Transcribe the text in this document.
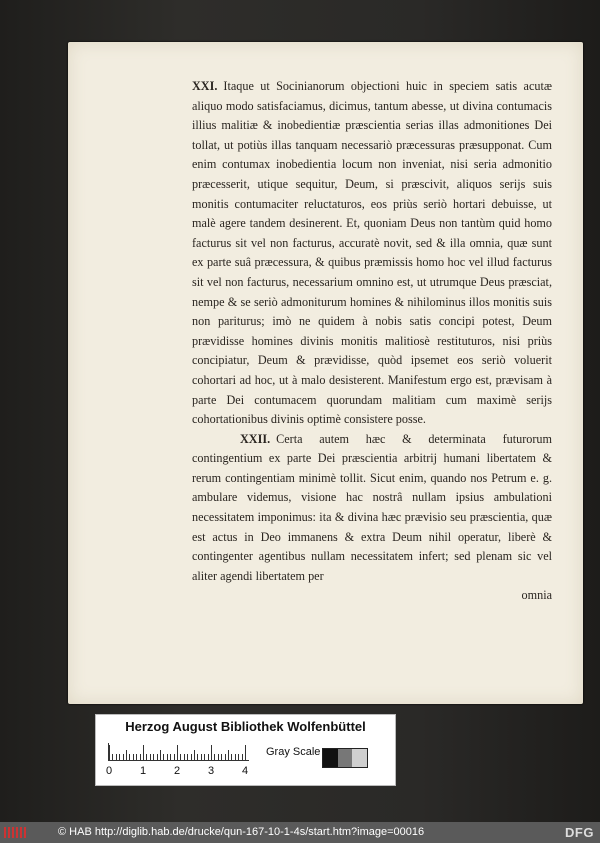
XXI. Itaque ut Socinianorum objectioni huic in speciem satis acutæ aliquo modo satisfaciamus, dicimus, tantum abesse, ut divina contumacis illius malitiæ & inobedientiæ præscientia serias illas admonitiones Dei tollat, ut potiùs illas tanquam necessariò præcessuras præsupponat. Cum enim contumax inobedientia locum non inveniat, nisi seria admonitio præcesserit, utique sequitur, Deum, si præscivit, aliquos serijs suis monitis contumaciter reluctaturos, eos priùs seriò hortari debuisse, ut malè agere tandem desinerent. Et, quoniam Deus non tantùm quid homo facturus sit vel non facturus, accuratè novit, sed & illa omnia, quæ sunt ex parte suâ præcessura, & quibus præmissis homo hoc vel illud facturus sit vel non facturus, necessarium omnino est, ut utrumque Deus præsciat, nempe & se seriò admoniturum homines & nihilominus illos monitis suis non pariturus; imò ne quidem à nobis satis concipi potest, Deum prævidisse homines divinis monitis malitiosè restituturos, nisi priùs concipiatur, Deum & prævidisse, quòd ipsemet eos seriò voluerit cohortari ad hoc, ut à malo desisterent. Manifestum ergo est, prævisam à parte Dei contumacem quorundam malitiam cum maximè serijs cohortationibus divinis optimè consistere posse.

XXII. Certa autem hæc & determinata futurorum contingentium ex parte Dei præscientia arbitrij humani libertatem & rerum contingentiam minimè tollit. Sicut enim, quando nos Petrum e. g. ambulare videmus, visione hac nostrâ nullam ipsius ambulationi necessitatem imponimus: ita & divina hæc prævisio seu præscientia, quæ est actus in Deo immanens & extra Deum nihil operatur, liberè & contingenter agentibus nullam necessitatem infert; sed plenam sic vel aliter agendi libertatem per

omnia

Herzog August Bibliothek Wolfenbüttel
0	1	2	3	4
Gray Scale
© HAB http://diglib.hab.de/drucke/qun-167-10-1-4s/start.htm?image=00016	DFG
